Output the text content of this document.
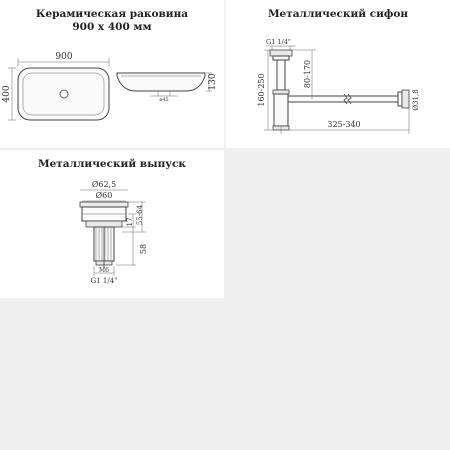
Керамическая раковина
900 х 400 мм
900
400	ø45
130
Металлический сифон
G1 1/4"
160-250	80-170
325-340
Ø31,8
Металлический выпуск
Ø62,5
Ø60
17 55-64
58
M6
G1 1/4"
